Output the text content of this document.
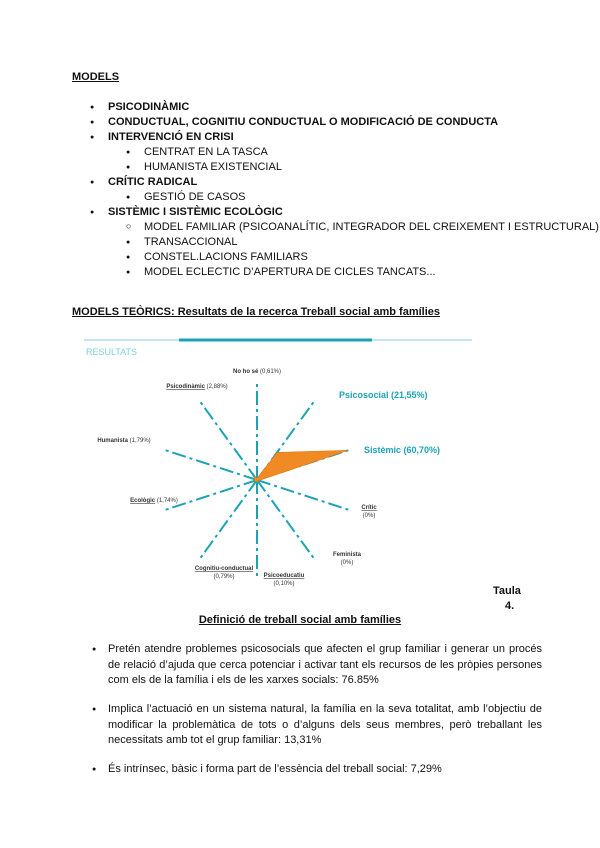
MODELS
● PSICODINÀMIC
● CONDUCTUAL, COGNITIU CONDUCTUAL O MODIFICACIÓ DE CONDUCTA
● INTERVENCIÓ EN CRISI
● CENTRAT EN LA TASCA
● HUMANISTA EXISTENCIAL
● CRÍTIC RADICAL
● GESTIÓ DE CASOS
● SISTÈMIC I SISTÈMIC ECOLÒGIC
○ MODEL FAMILIAR (PSICOANALÍTIC, INTEGRADOR DEL CREIXEMENT I ESTRUCTURAL)
● TRANSACCIONAL
● CONSTEL.LACIONS FAMILIARS
● MODEL ECLECTIC D’APERTURA DE CICLES TANCATS...
MODELS TEÒRICS: Resultats de la recerca Treball social amb famílies
RESULTATS
No ho sé (0,61%)
Psicosocial (21,55%)
Sistèmic (60,70%)
Crític (0%)
Feminista (0%)
Psicoeducatiu (0,10%)
Cognitiu-conductual (0,79%)
Ecològic (1,74%)
Humanista (1,79%)
Psicodinàmic (2,88%)
Taula
4.
Definició de treball social amb famílies
● Pretén atendre problemes psicosocials que afecten el grup familiar i generar un procés de relació d’ajuda que cerca potenciar i activar tant els recursos de les pròpies persones com els de la família i els de les xarxes socials: 76.85%
● Implica l’actuació en un sistema natural, la família en la seva totalitat, amb l’objectiu de modificar la problemàtica de tots o d’alguns dels seus membres, però treballant les necessitats amb tot el grup familiar: 13,31%
● És intrínsec, bàsic i forma part de l’essència del treball social: 7,29%
